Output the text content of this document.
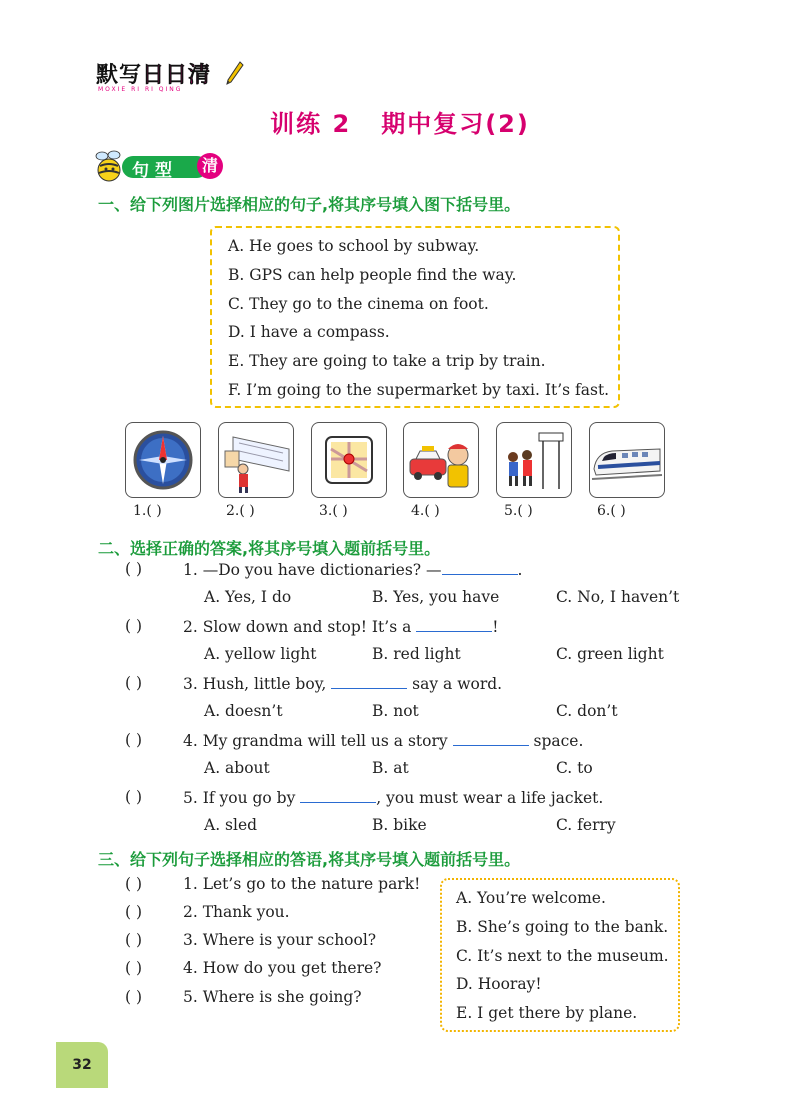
默写日日清
MOXIE RI RI QING
训练 2 期中复习(2)
句型	清
一、给下列图片选择相应的句子,将其序号填入图下括号里。
A. He goes to school by subway.
B. GPS can help people find the way.
C. They go to the cinema on foot.
D. I have a compass.
E. They are going to take a trip by train.
F. I’m going to the supermarket by taxi. It’s fast.
1.( )	2.( )	3.( )	4.( )	5.( )	6.( )
二、选择正确的答案,将其序号填入题前括号里。
( )	1. —Do you have dictionaries? —	.
A. Yes, I do	B. Yes, you have	C. No, I haven’t
( )	2. Slow down and stop! It’s a	!
A. yellow light	B. red light	C. green light
( )	3. Hush, little boy,	say a word.
A. doesn’t	B. not	C. don’t
( )	4. My grandma will tell us a story	space.
A. about	B. at	C. to
( )	5. If you go by	, you must wear a life jacket.
A. sled	B. bike	C. ferry
三、给下列句子选择相应的答语,将其序号填入题前括号里。
( )	1. Let’s go to the nature park!
( )	2. Thank you.
( )	3. Where is your school?
( )	4. How do you get there?
( )	5. Where is she going?
A. You’re welcome.
B. She’s going to the bank.
C. It’s next to the museum.
D. Hooray!
E. I get there by plane.
32
